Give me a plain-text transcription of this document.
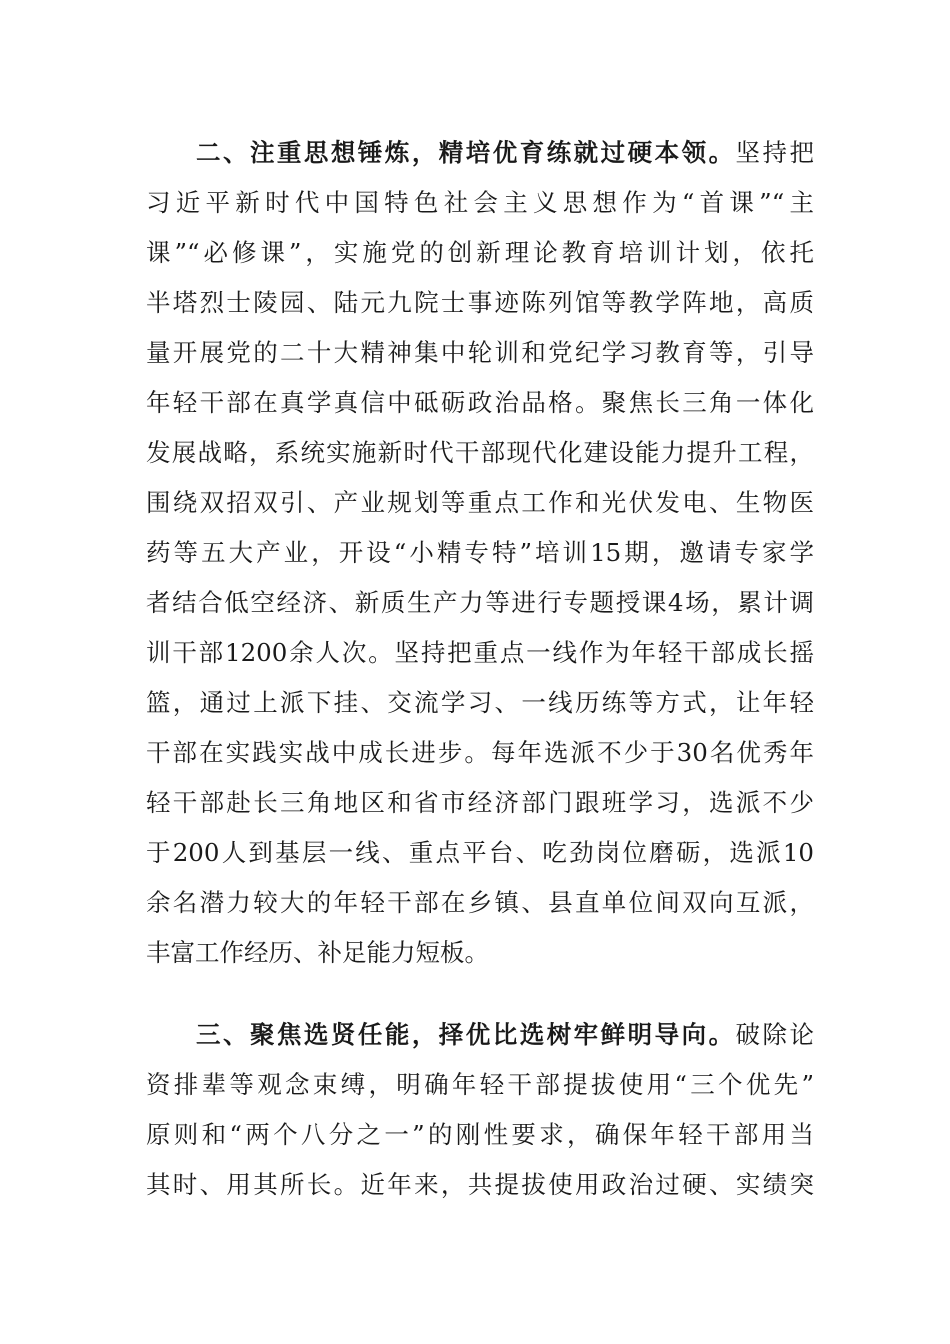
二、注重思想锤炼，精培优育练就过硬本领。坚持把
习近平新时代中国特色社会主义思想作为“首课”“主
课”“必修课”，实施党的创新理论教育培训计划，依托
半塔烈士陵园、陆元九院士事迹陈列馆等教学阵地，高质
量开展党的二十大精神集中轮训和党纪学习教育等，引导
年轻干部在真学真信中砥砺政治品格。聚焦长三角一体化
发展战略，系统实施新时代干部现代化建设能力提升工程，
围绕双招双引、产业规划等重点工作和光伏发电、生物医
药等五大产业，开设“小精专特”培训15期，邀请专家学
者结合低空经济、新质生产力等进行专题授课4场，累计调
训干部1200余人次。坚持把重点一线作为年轻干部成长摇
篮，通过上派下挂、交流学习、一线历练等方式，让年轻
干部在实践实战中成长进步。每年选派不少于30名优秀年
轻干部赴长三角地区和省市经济部门跟班学习，选派不少
于200人到基层一线、重点平台、吃劲岗位磨砺，选派10
余名潜力较大的年轻干部在乡镇、县直单位间双向互派，
丰富工作经历、补足能力短板。
三、聚焦选贤任能，择优比选树牢鲜明导向。破除论
资排辈等观念束缚，明确年轻干部提拔使用“三个优先”
原则和“两个八分之一”的刚性要求，确保年轻干部用当
其时、用其所长。近年来，共提拔使用政治过硬、实绩突
